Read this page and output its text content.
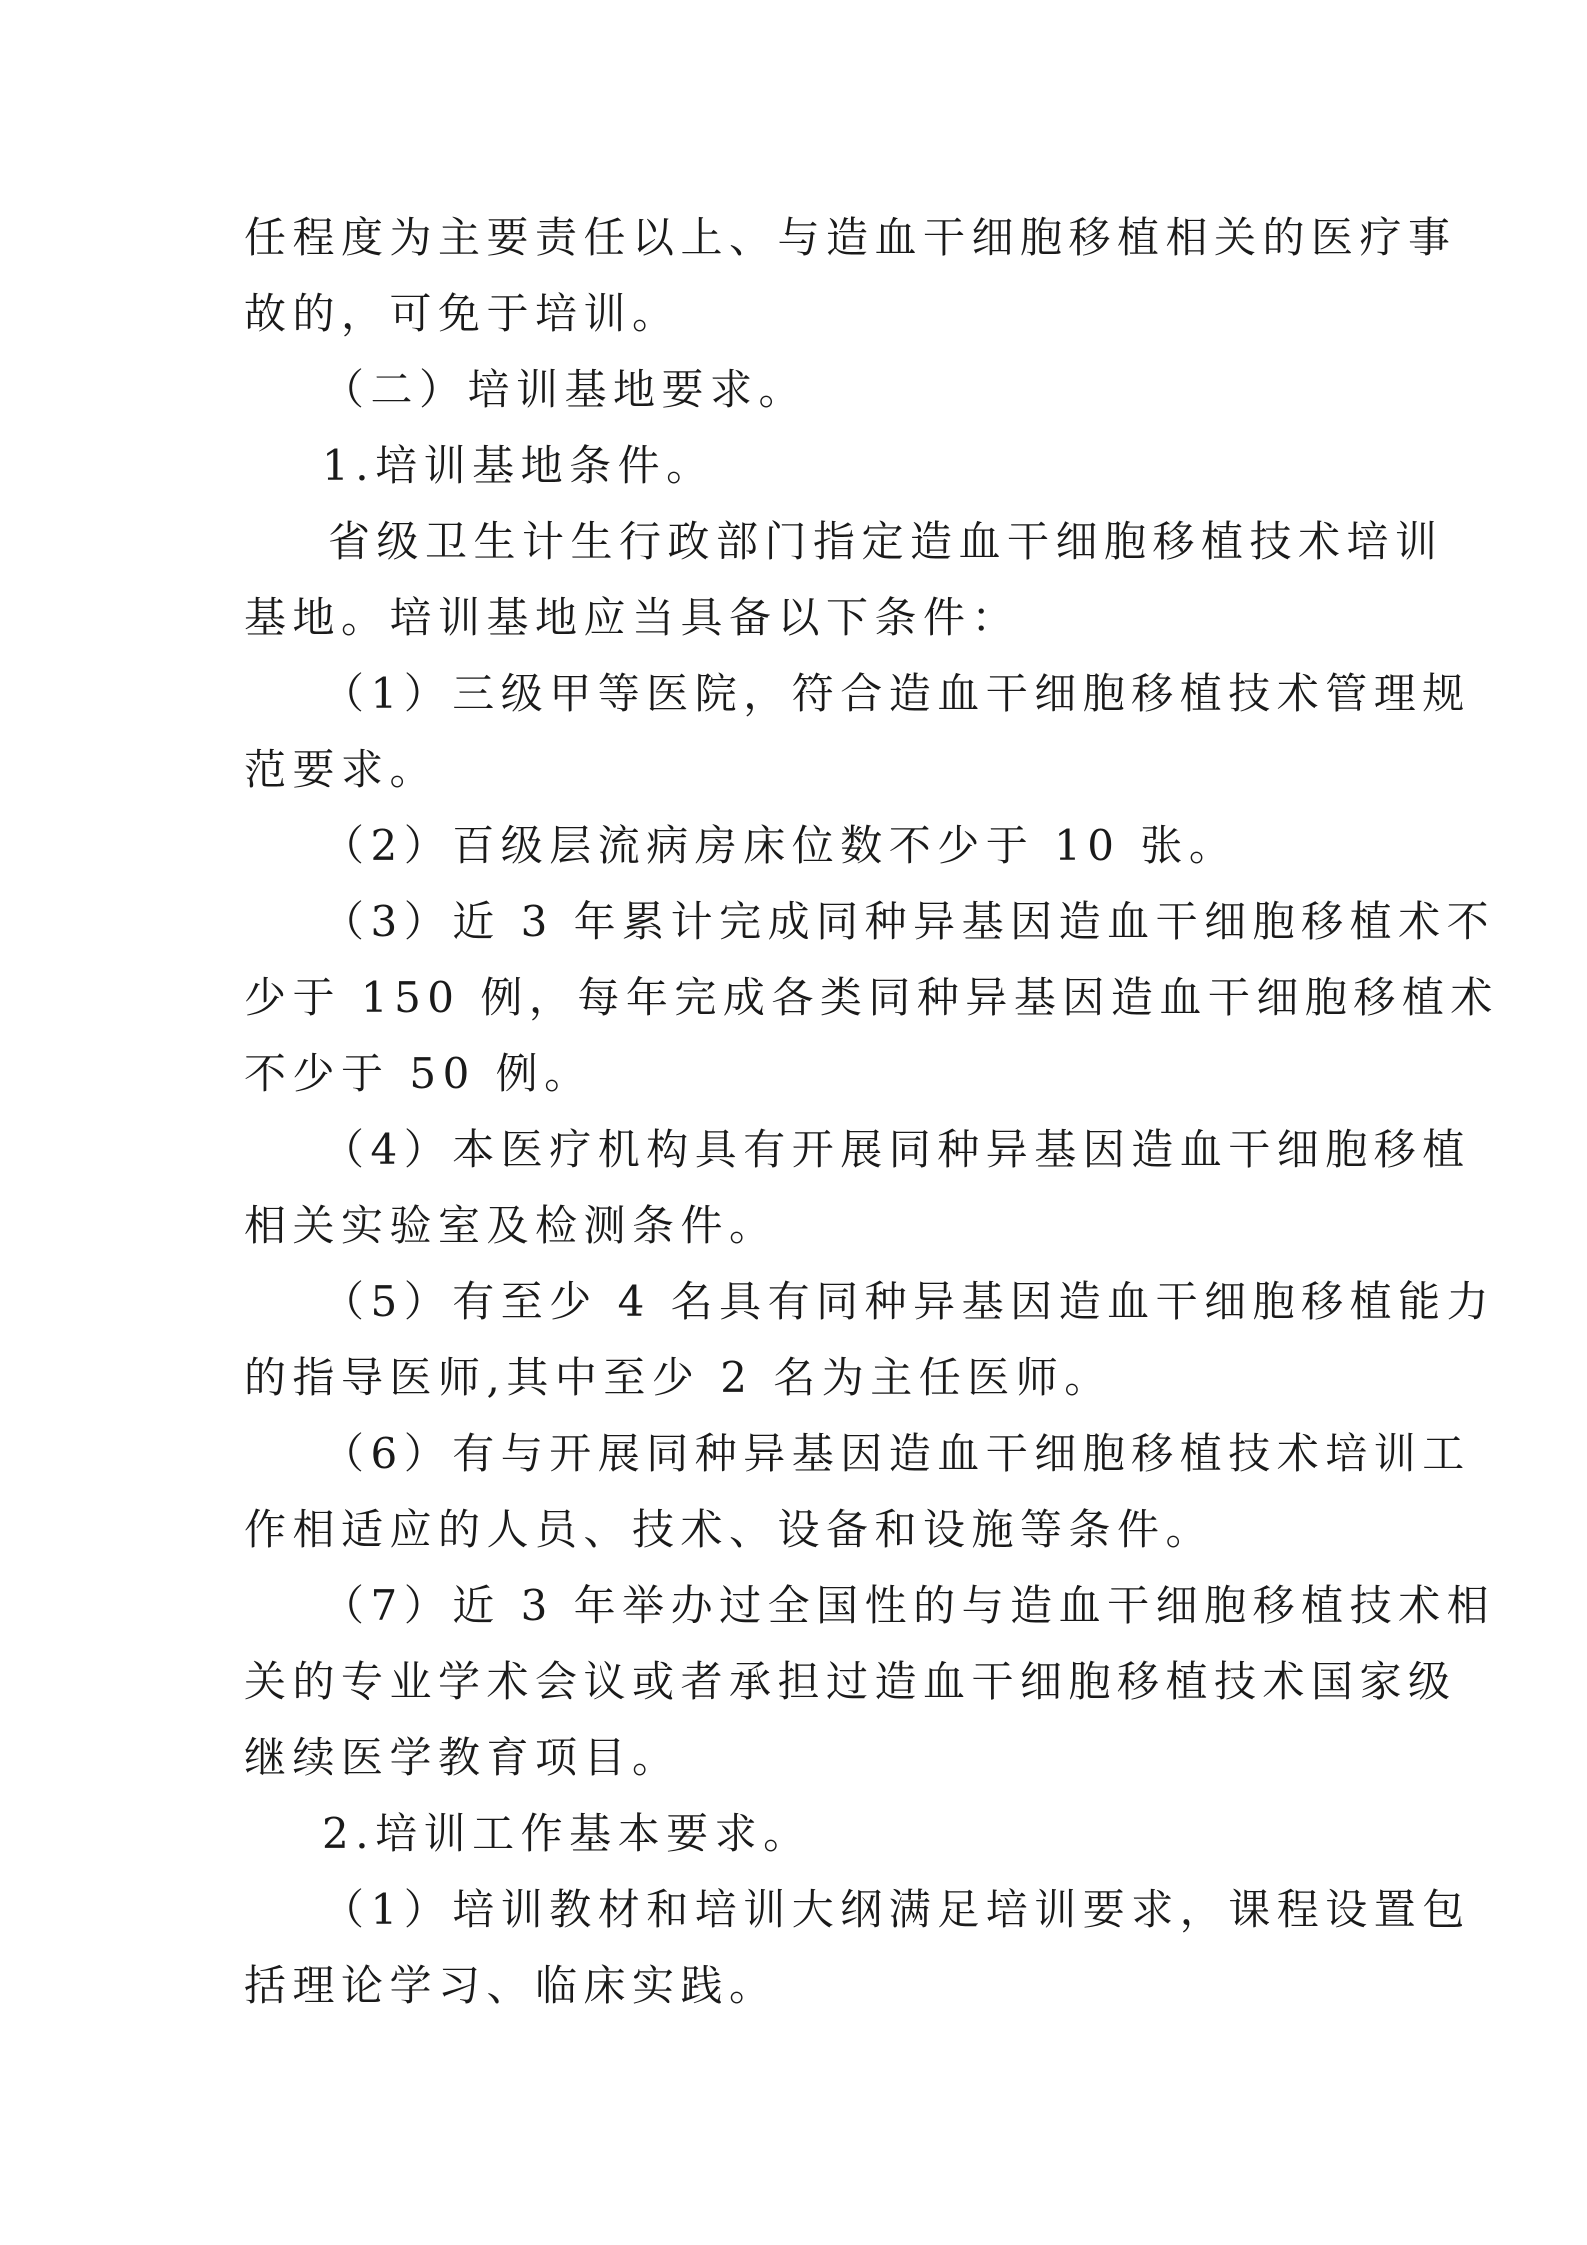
任程度为主要责任以上、与造血干细胞移植相关的医疗事
故的，可免于培训。
（二）培训基地要求。
1.培训基地条件。
省级卫生计生行政部门指定造血干细胞移植技术培训
基地。培训基地应当具备以下条件：
（1）三级甲等医院，符合造血干细胞移植技术管理规
范要求。
（2）百级层流病房床位数不少于 10 张。
（3）近 3 年累计完成同种异基因造血干细胞移植术不
少于 150 例，每年完成各类同种异基因造血干细胞移植术
不少于 50 例。
（4）本医疗机构具有开展同种异基因造血干细胞移植
相关实验室及检测条件。
（5）有至少 4 名具有同种异基因造血干细胞移植能力
的指导医师,其中至少 2 名为主任医师。
（6）有与开展同种异基因造血干细胞移植技术培训工
作相适应的人员、技术、设备和设施等条件。
（7）近 3 年举办过全国性的与造血干细胞移植技术相
关的专业学术会议或者承担过造血干细胞移植技术国家级
继续医学教育项目。
2.培训工作基本要求。
（1）培训教材和培训大纲满足培训要求，课程设置包
括理论学习、临床实践。
